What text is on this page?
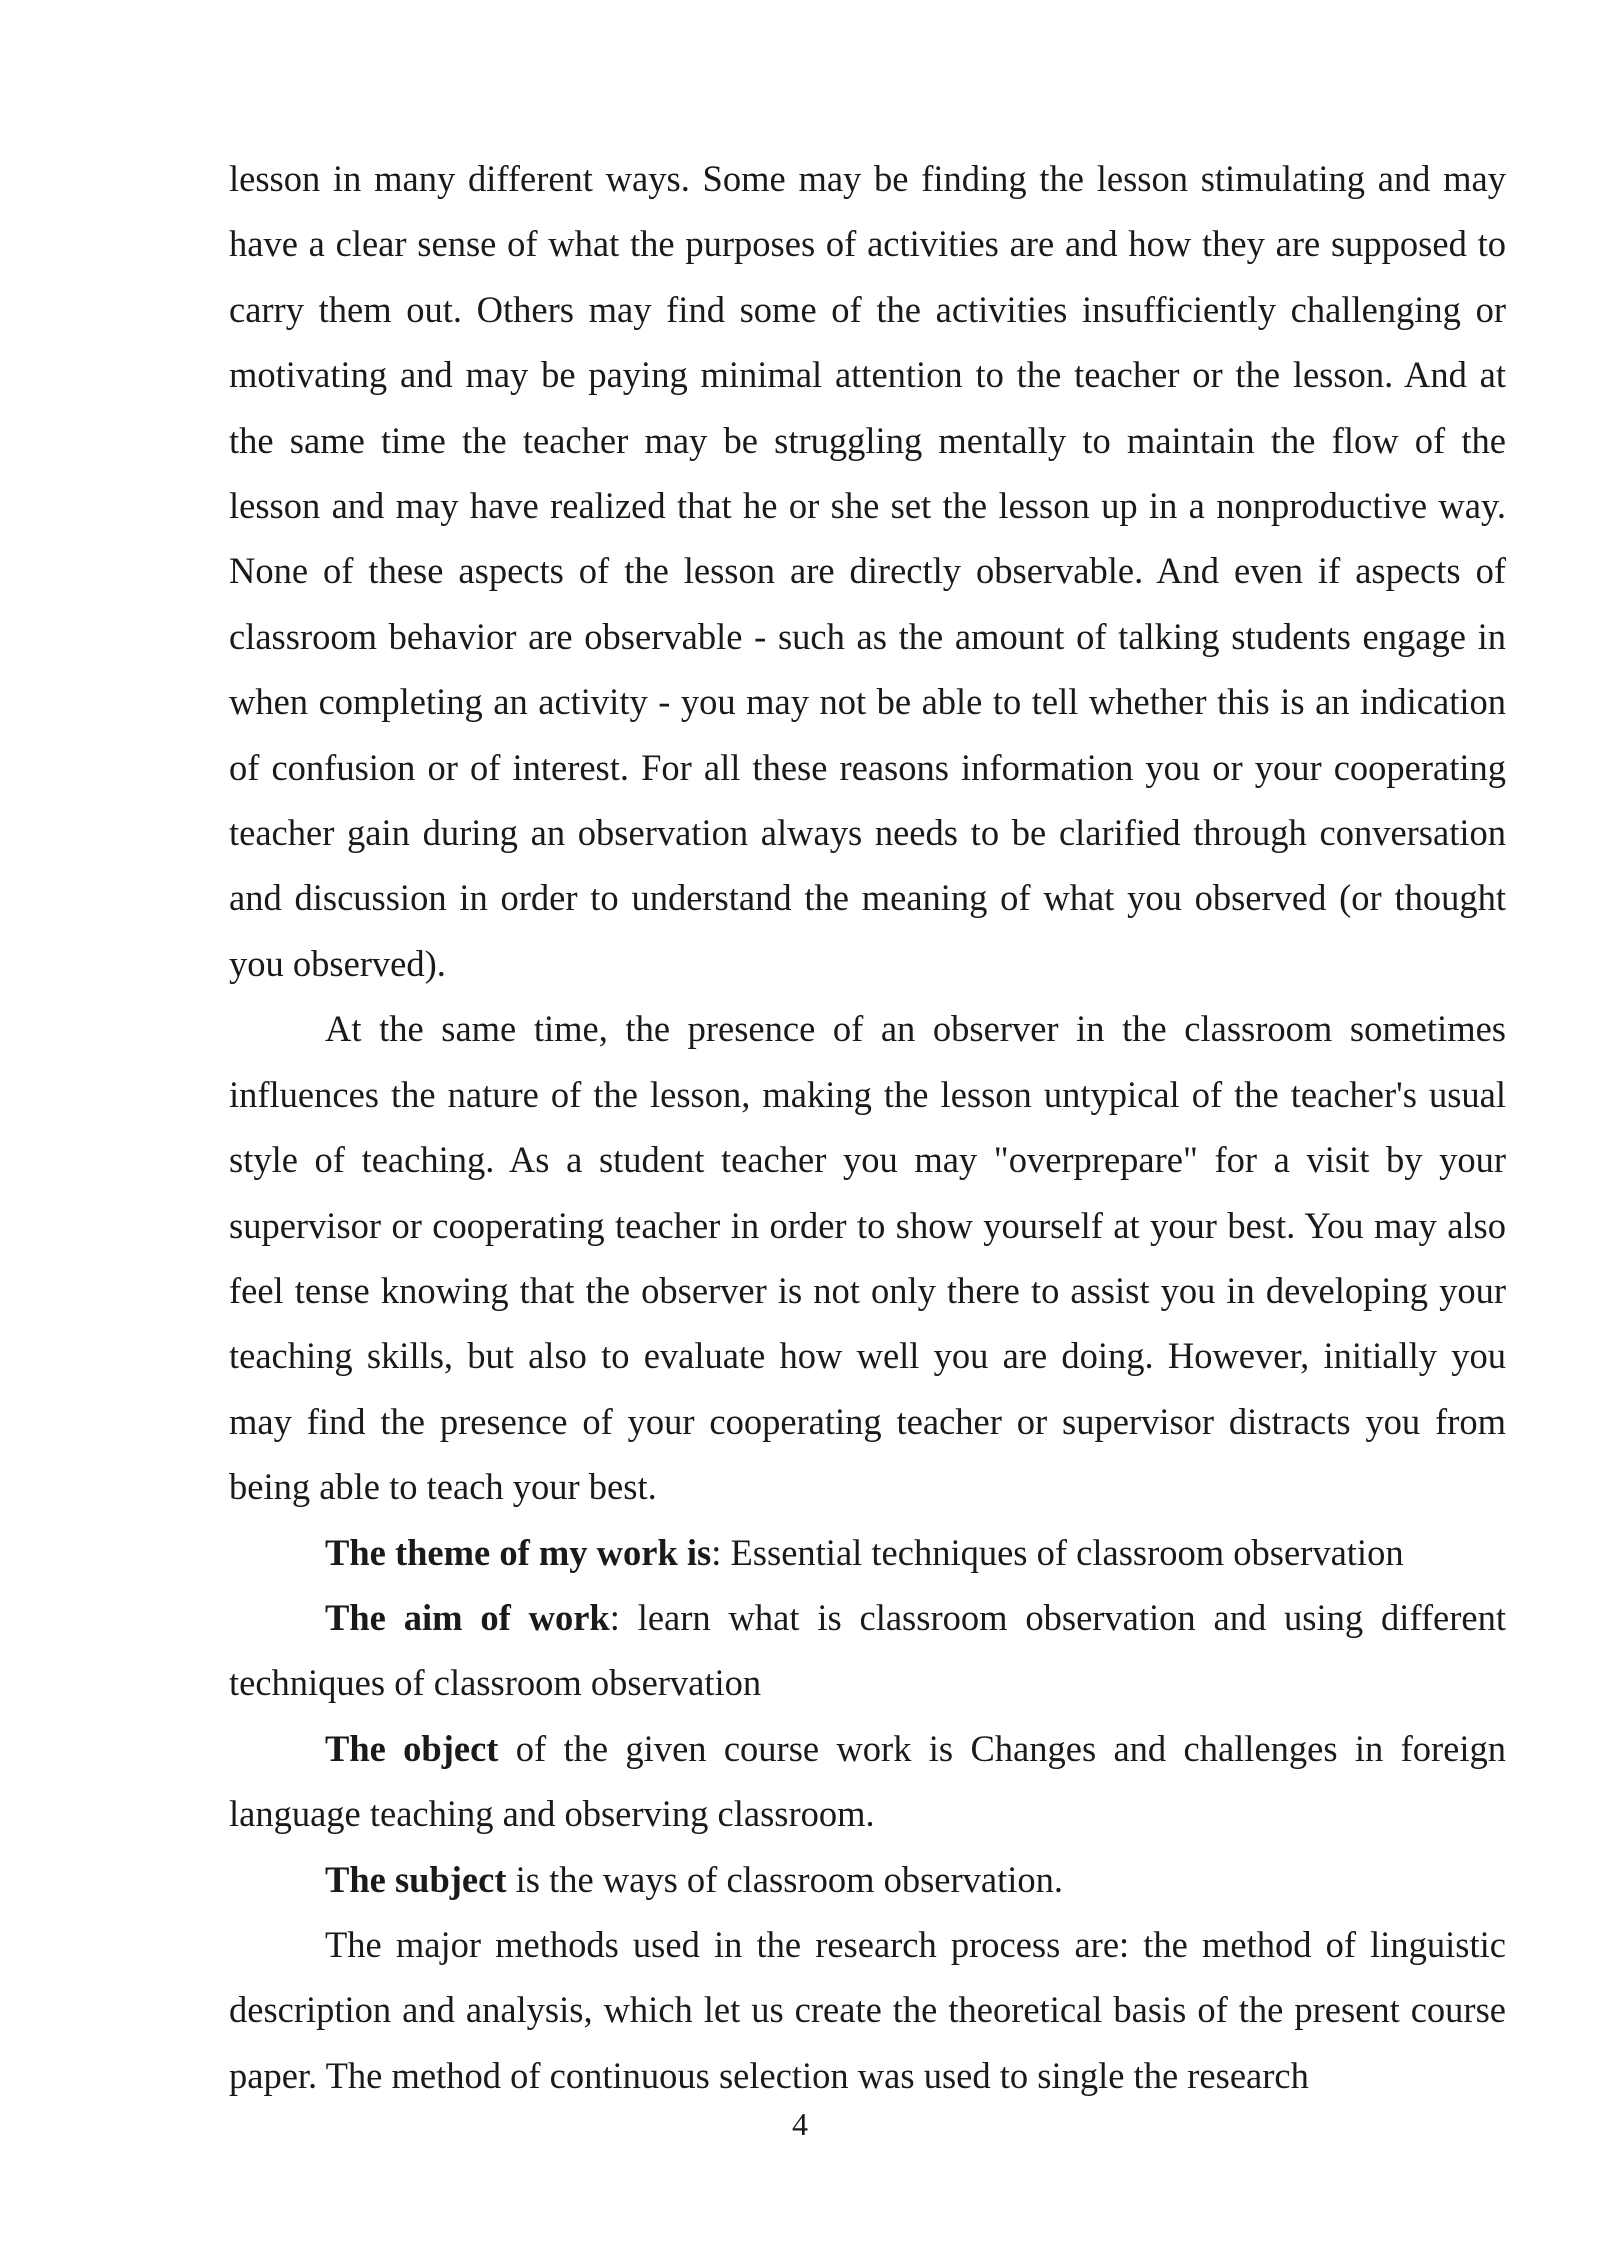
lesson in many different ways. Some may be finding the lesson stimulating and may have a clear sense of what the purposes of activities are and how they are supposed to carry them out. Others may find some of the activities insufficiently challenging or motivating and may be paying minimal attention to the teacher or the lesson. And at the same time the teacher may be struggling mentally to maintain the flow of the lesson and may have realized that he or she set the lesson up in a nonproductive way. None of these aspects of the lesson are directly observable. And even if aspects of classroom behavior are observable - such as the amount of talking students engage in when completing an activity - you may not be able to tell whether this is an indication of confusion or of interest. For all these reasons information you or your cooperating teacher gain during an observation always needs to be clarified through conversation and discussion in order to understand the meaning of what you observed (or thought you observed).

At the same time, the presence of an observer in the classroom sometimes influences the nature of the lesson, making the lesson untypical of the teacher's usual style of teaching. As a student teacher you may "overprepare" for a visit by your supervisor or cooperating teacher in order to show yourself at your best. You may also feel tense knowing that the observer is not only there to assist you in developing your teaching skills, but also to evaluate how well you are doing. However, initially you may find the presence of your cooperating teacher or supervisor distracts you from being able to teach your best.

The theme of my work is: Essential techniques of classroom observation

The aim of work: learn what is classroom observation and using different techniques of classroom observation

The object of the given course work is Changes and challenges in foreign language teaching and observing classroom.

The subject is the ways of classroom observation.

The major methods used in the research process are: the method of linguistic description and analysis, which let us create the theoretical basis of the present course paper. The method of continuous selection was used to single the research

4
